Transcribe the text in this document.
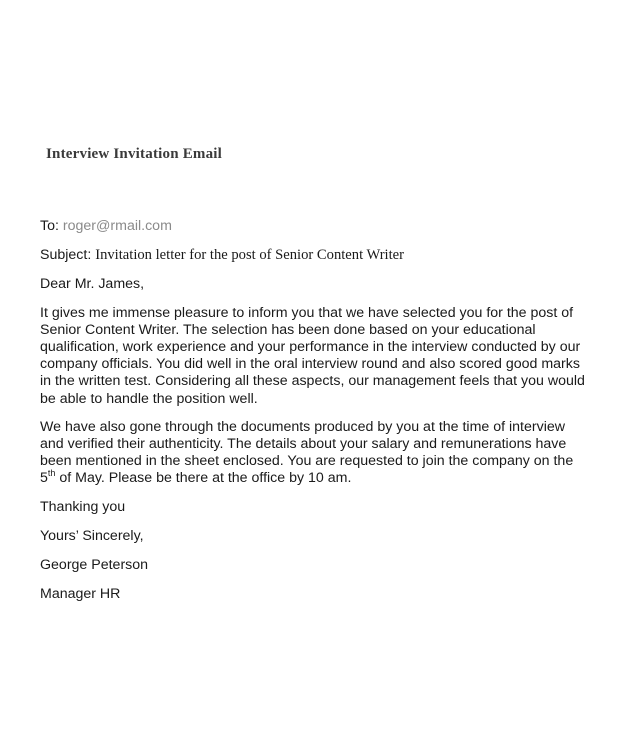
Interview Invitation Email

To: roger@rmail.com

Subject: Invitation letter for the post of Senior Content Writer

Dear Mr. James,

It gives me immense pleasure to inform you that we have selected you for the post of Senior Content Writer. The selection has been done based on your educational qualification, work experience and your performance in the interview conducted by our company officials. You did well in the oral interview round and also scored good marks in the written test. Considering all these aspects, our management feels that you would be able to handle the position well.

We have also gone through the documents produced by you at the time of interview and verified their authenticity. The details about your salary and remunerations have been mentioned in the sheet enclosed. You are requested to join the company on the 5th of May. Please be there at the office by 10 am.

Thanking you

Yours’ Sincerely,

George Peterson

Manager HR
